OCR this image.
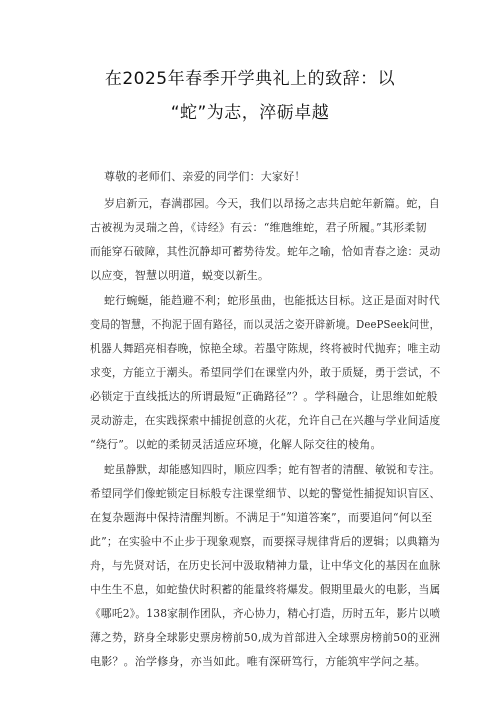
在2025年春季开学典礼上的致辞：以
“蛇”为志，淬砺卓越
尊敬的老师们、亲爱的同学们：大家好！
岁启新元，春满郡园。今天，我们以昂扬之志共启蛇年新篇。蛇，自
古被视为灵瑞之兽，《诗经》有云：“维虺维蛇，君子所履。”其形柔韧
而能穿石破障，其性沉静却可蓄势待发。蛇年之喻，恰如青春之途：灵动
以应变，智慧以明道，蜕变以新生。
蛇行蜿蜒，能趋避不利；蛇形虽曲，也能抵达目标。这正是面对时代
变局的智慧，不拘泥于固有路径，而以灵活之姿开辟新境。DeePSeek问世，
机器人舞蹈亮相春晚，惊艳全球。若墨守陈规，终将被时代抛弃；唯主动
求变，方能立于潮头。希望同学们在课堂内外，敢于质疑，勇于尝试，不
必锁定于直线抵达的所谓最短“正确路径”？。学科融合，让思维如蛇般
灵动游走，在实践探索中捕捉创意的火花，允许自己在兴趣与学业间适度
“绕行”。以蛇的柔韧灵活适应环境，化解人际交往的棱角。
蛇虽静默，却能感知四时，顺应四季；蛇有智者的清醒、敏锐和专注。
希望同学们像蛇锁定目标般专注课堂细节、以蛇的警觉性捕捉知识盲区、
在复杂题海中保持清醒判断。不满足于“知道答案”，而要追问“何以至
此”；在实验中不止步于现象观察，而要探寻规律背后的逻辑；以典籍为
舟，与先贤对话，在历史长河中汲取精神力量，让中华文化的基因在血脉
中生生不息，如蛇蛰伏时积蓄的能量终将爆发。假期里最火的电影，当属
《哪吒2》。138家制作团队，齐心协力，精心打造，历时五年，影片以喷
薄之势，跻身全球影史票房榜前50,成为首部进入全球票房榜前50的亚洲
电影？。治学修身，亦当如此。唯有深研笃行，方能筑牢学问之基。
